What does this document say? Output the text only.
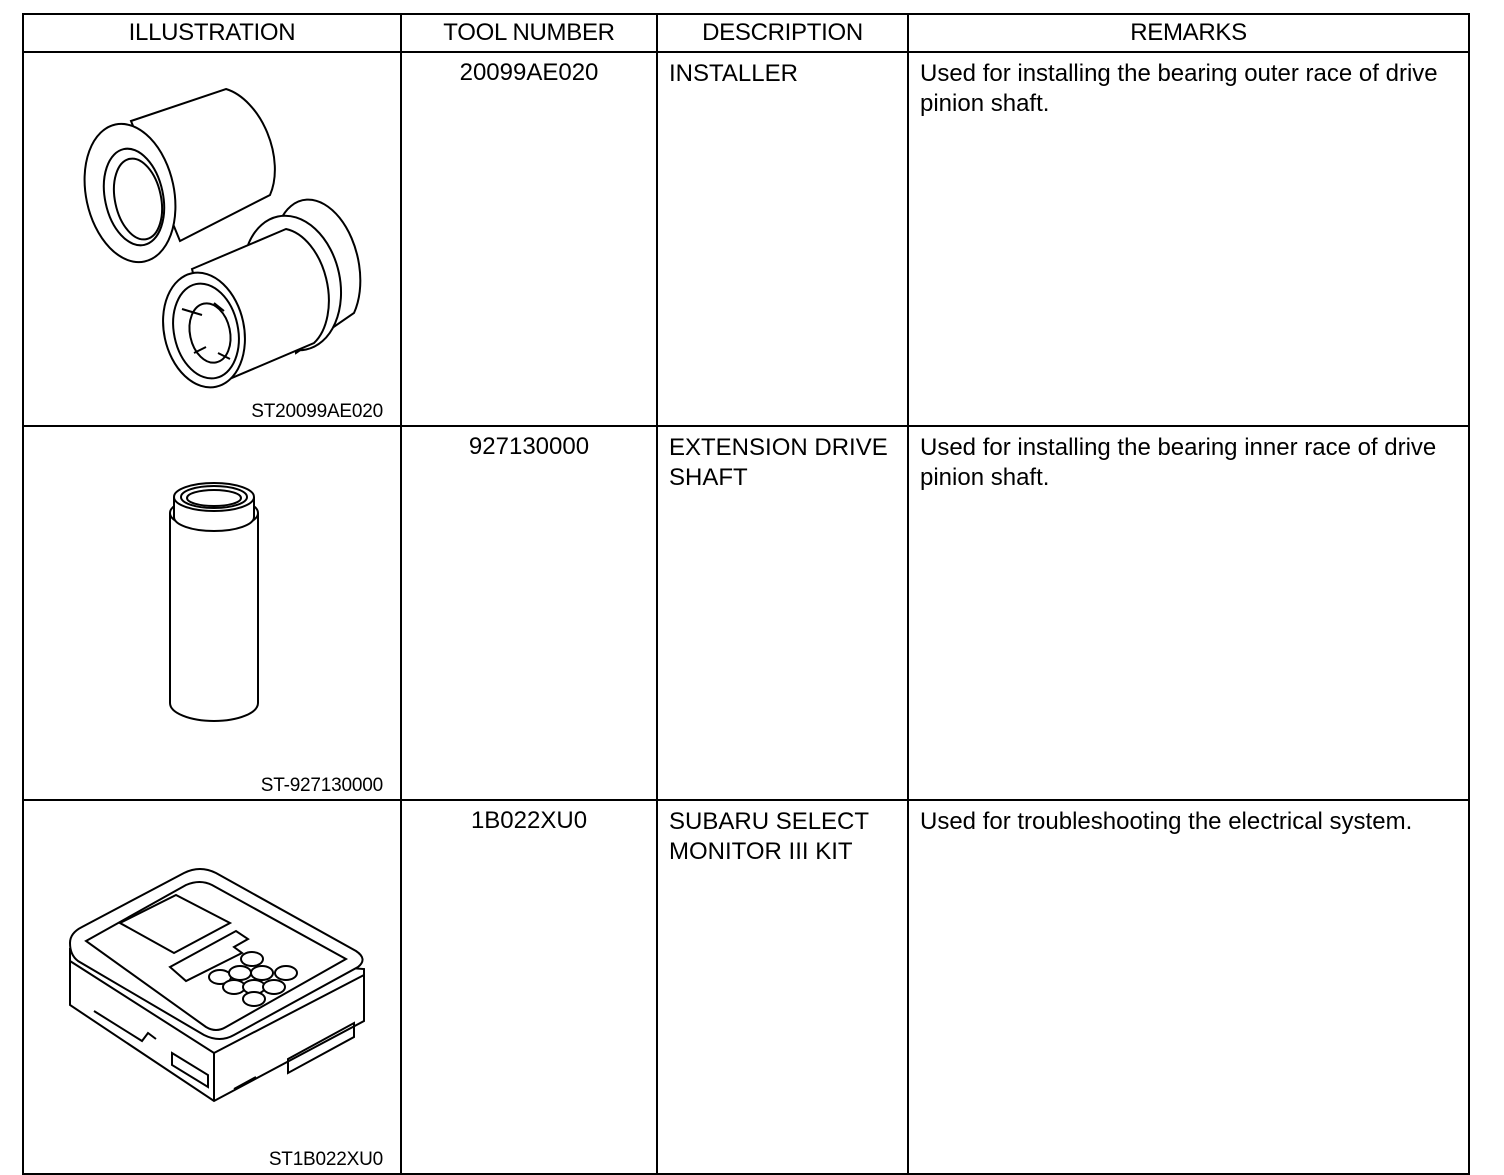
ILLUSTRATION	TOOL NUMBER	DESCRIPTION	REMARKS

ST20099AE020	20099AE020	INSTALLER	Used for installing the bearing outer race of drive pinion shaft.

ST-927130000	927130000	EXTENSION DRIVE SHAFT	Used for installing the bearing inner race of drive pinion shaft.

ST1B022XU0	1B022XU0	SUBARU SELECT MONITOR III KIT	Used for troubleshooting the electrical system.
